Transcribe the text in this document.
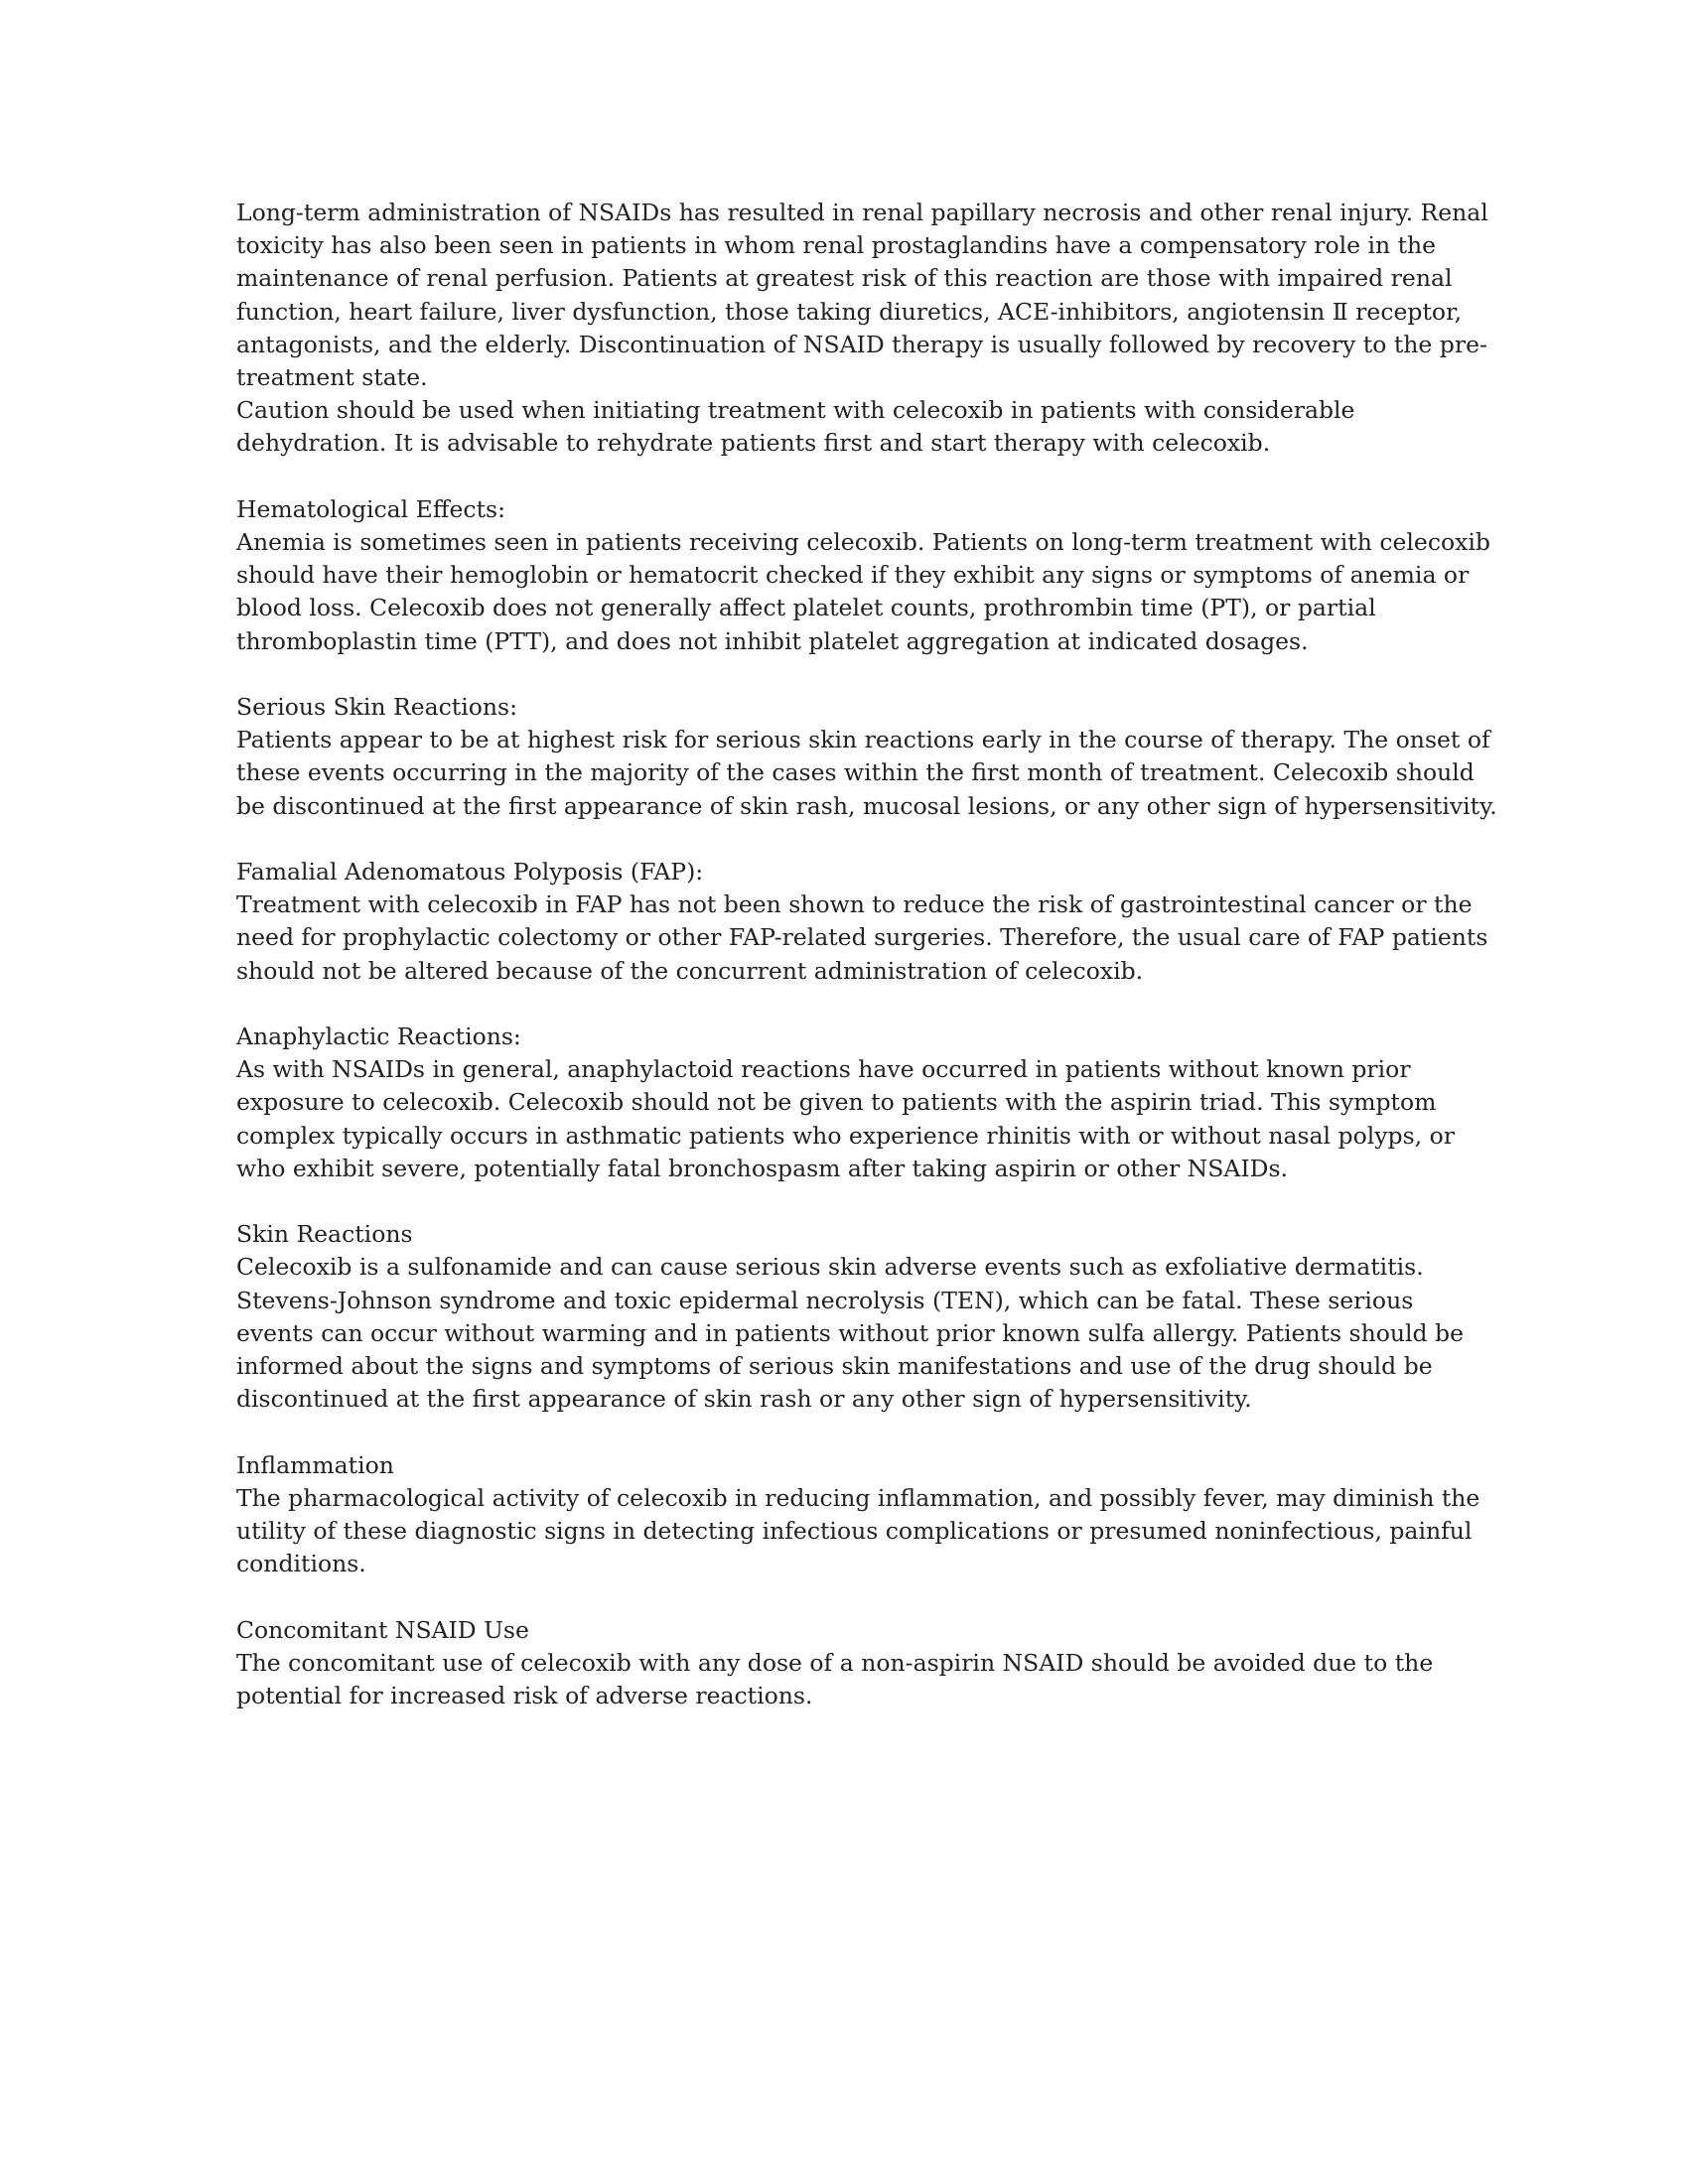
Long-term administration of NSAIDs has resulted in renal papillary necrosis and other renal injury. Renal toxicity has also been seen in patients in whom renal prostaglandins have a compensatory role in the maintenance of renal perfusion. Patients at greatest risk of this reaction are those with impaired renal function, heart failure, liver dysfunction, those taking diuretics, ACE-inhibitors, angiotensin Ⅱ receptor, antagonists, and the elderly. Discontinuation of NSAID therapy is usually followed by recovery to the pre-treatment state.

Caution should be used when initiating treatment with celecoxib in patients with considerable dehydration. It is advisable to rehydrate patients first and start therapy with celecoxib.

Hematological Effects:

Anemia is sometimes seen in patients receiving celecoxib. Patients on long-term treatment with celecoxib should have their hemoglobin or hematocrit checked if they exhibit any signs or symptoms of anemia or blood loss. Celecoxib does not generally affect platelet counts, prothrombin time (PT), or partial thromboplastin time (PTT), and does not inhibit platelet aggregation at indicated dosages.

Serious Skin Reactions:

Patients appear to be at highest risk for serious skin reactions early in the course of therapy. The onset of these events occurring in the majority of the cases within the first month of treatment. Celecoxib should be discontinued at the first appearance of skin rash, mucosal lesions, or any other sign of hypersensitivity.

Famalial Adenomatous Polyposis (FAP):

Treatment with celecoxib in FAP has not been shown to reduce the risk of gastrointestinal cancer or the need for prophylactic colectomy or other FAP-related surgeries. Therefore, the usual care of FAP patients should not be altered because of the concurrent administration of celecoxib.

Anaphylactic Reactions:

As with NSAIDs in general, anaphylactoid reactions have occurred in patients without known prior exposure to celecoxib. Celecoxib should not be given to patients with the aspirin triad. This symptom complex typically occurs in asthmatic patients who experience rhinitis with or without nasal polyps, or who exhibit severe, potentially fatal bronchospasm after taking aspirin or other NSAIDs.

Skin Reactions

Celecoxib is a sulfonamide and can cause serious skin adverse events such as exfoliative dermatitis. Stevens-Johnson syndrome and toxic epidermal necrolysis (TEN), which can be fatal. These serious events can occur without warming and in patients without prior known sulfa allergy. Patients should be informed about the signs and symptoms of serious skin manifestations and use of the drug should be discontinued at the first appearance of skin rash or any other sign of hypersensitivity.

Inflammation

The pharmacological activity of celecoxib in reducing inflammation, and possibly fever, may diminish the utility of these diagnostic signs in detecting infectious complications or presumed noninfectious, painful conditions.

Concomitant NSAID Use

The concomitant use of celecoxib with any dose of a non-aspirin NSAID should be avoided due to the potential for increased risk of adverse reactions.
